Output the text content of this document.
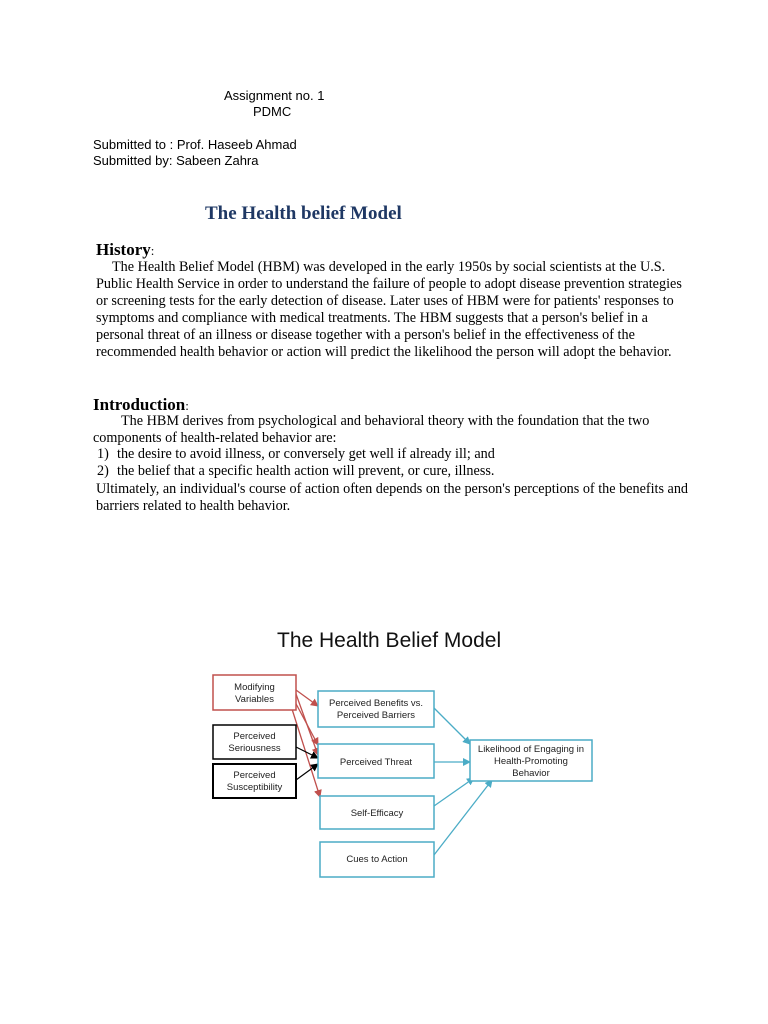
Assignment no. 1
PDMC
Submitted to : Prof. Haseeb Ahmad
Submitted by: Sabeen Zahra
The Health belief Model
History:

The Health Belief Model (HBM) was developed in the early 1950s by social scientists at the U.S. Public Health Service in order to understand the failure of people to adopt disease prevention strategies or screening tests for the early detection of disease. Later uses of HBM were for patients' responses to symptoms and compliance with medical treatments. The HBM suggests that a person's belief in a personal threat of an illness or disease together with a person's belief in the effectiveness of the recommended health behavior or action will predict the likelihood the person will adopt the behavior.

Introduction:

The HBM derives from psychological and behavioral theory with the foundation that the two components of health-related behavior are:

1) the desire to avoid illness, or conversely get well if already ill; and

2) the belief that a specific health action will prevent, or cure, illness.

Ultimately, an individual's course of action often depends on the person's perceptions of the benefits and barriers related to health behavior.

The Health Belief Model
Modifying
Variables
Perceived
Seriousness
Perceived
Susceptibility
Perceived Benefits vs.
Perceived Barriers
Perceived Threat
Self-Efficacy
Cues to Action
Likelihood of Engaging in
Health-Promoting
Behavior
